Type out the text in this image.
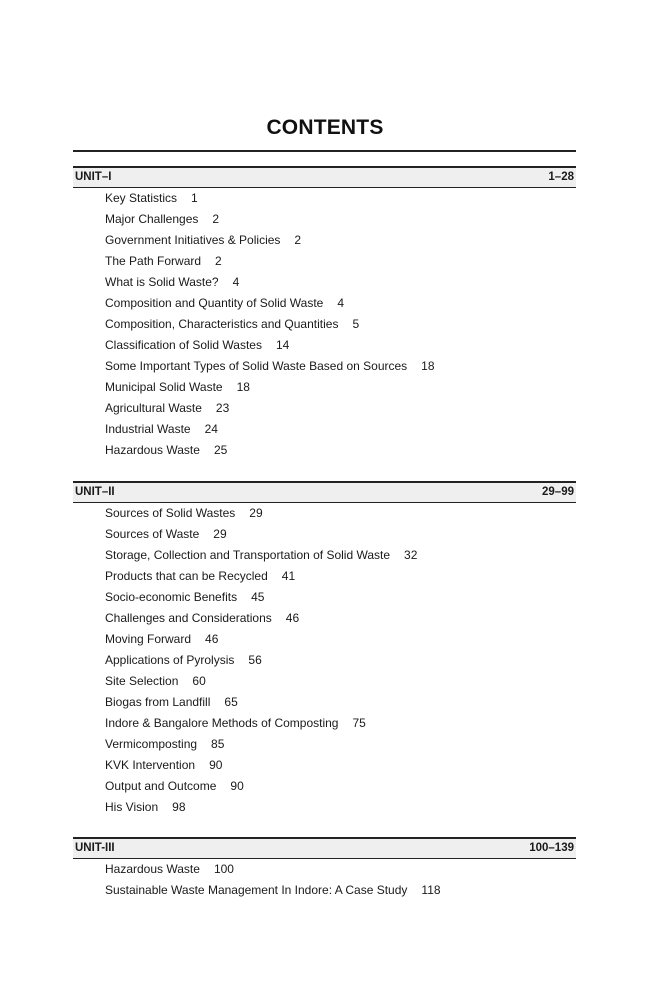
CONTENTS
UNIT–I	1–28
Key Statistics 1
Major Challenges 2
Government Initiatives & Policies 2
The Path Forward 2
What is Solid Waste? 4
Composition and Quantity of Solid Waste 4
Composition, Characteristics and Quantities 5
Classification of Solid Wastes 14
Some Important Types of Solid Waste Based on Sources 18
Municipal Solid Waste 18
Agricultural Waste 23
Industrial Waste 24
Hazardous Waste 25
UNIT–II	29–99
Sources of Solid Wastes 29
Sources of Waste 29
Storage, Collection and Transportation of Solid Waste 32
Products that can be Recycled 41
Socio-economic Benefits 45
Challenges and Considerations 46
Moving Forward 46
Applications of Pyrolysis 56
Site Selection 60
Biogas from Landfill 65
Indore & Bangalore Methods of Composting 75
Vermicomposting 85
KVK Intervention 90
Output and Outcome 90
His Vision 98
UNIT-III	100–139
Hazardous Waste 100
Sustainable Waste Management In Indore: A Case Study 118
